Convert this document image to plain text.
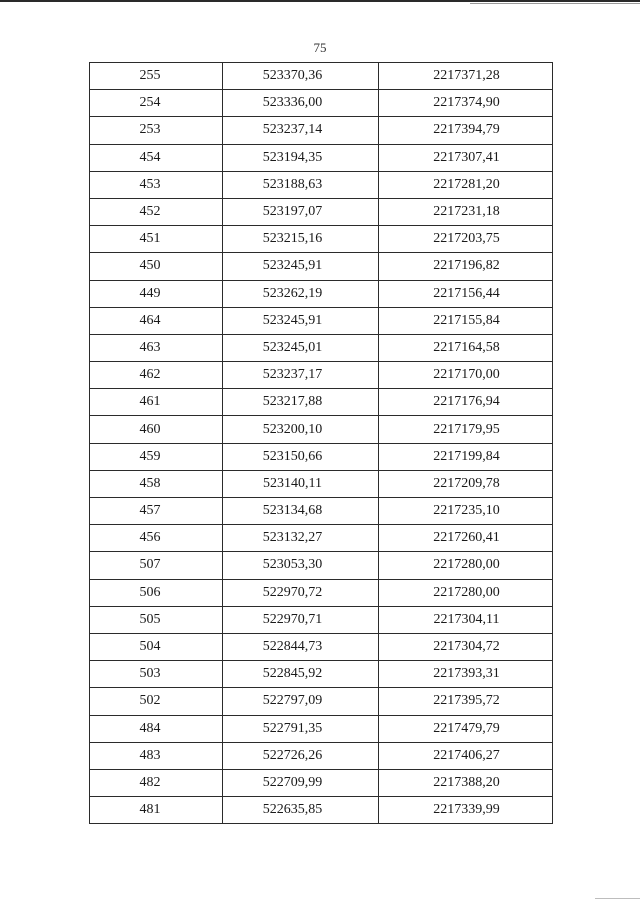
75
255	523370,36	2217371,28
254	523336,00	2217374,90
253	523237,14	2217394,79
454	523194,35	2217307,41
453	523188,63	2217281,20
452	523197,07	2217231,18
451	523215,16	2217203,75
450	523245,91	2217196,82
449	523262,19	2217156,44
464	523245,91	2217155,84
463	523245,01	2217164,58
462	523237,17	2217170,00
461	523217,88	2217176,94
460	523200,10	2217179,95
459	523150,66	2217199,84
458	523140,11	2217209,78
457	523134,68	2217235,10
456	523132,27	2217260,41
507	523053,30	2217280,00
506	522970,72	2217280,00
505	522970,71	2217304,11
504	522844,73	2217304,72
503	522845,92	2217393,31
502	522797,09	2217395,72
484	522791,35	2217479,79
483	522726,26	2217406,27
482	522709,99	2217388,20
481	522635,85	2217339,99
